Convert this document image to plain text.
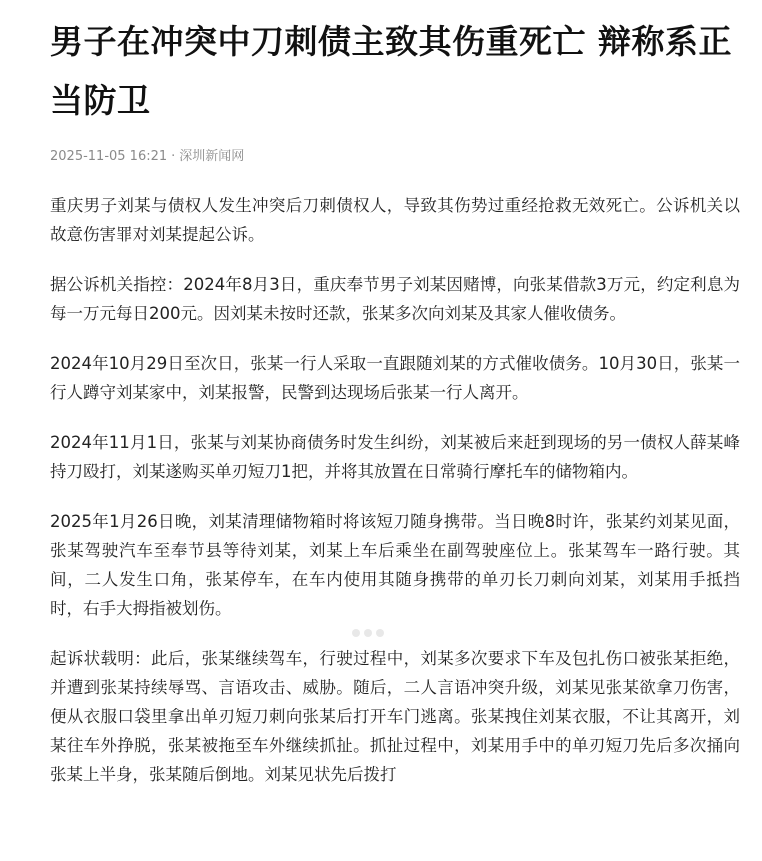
男子在冲突中刀刺债主致其伤重死亡 辩称系正当防卫
2025-11-05 16:21 · 深圳新闻网

重庆男子刘某与债权人发生冲突后刀刺债权人，导致其伤势过重经抢救无效死亡。公诉机关以故意伤害罪对刘某提起公诉。

据公诉机关指控：2024年8月3日，重庆奉节男子刘某因赌博，向张某借款3万元，约定利息为每一万元每日200元。因刘某未按时还款，张某多次向刘某及其家人催收债务。

2024年10月29日至次日，张某一行人采取一直跟随刘某的方式催收债务。10月30日，张某一行人蹲守刘某家中，刘某报警，民警到达现场后张某一行人离开。

2024年11月1日，张某与刘某协商债务时发生纠纷，刘某被后来赶到现场的另一债权人薛某峰持刀殴打，刘某遂购买单刃短刀1把，并将其放置在日常骑行摩托车的储物箱内。

2025年1月26日晚，刘某清理储物箱时将该短刀随身携带。当日晚8时许，张某约刘某见面，张某驾驶汽车至奉节县等待刘某，刘某上车后乘坐在副驾驶座位上。张某驾车一路行驶。其间，二人发生口角，张某停车，在车内使用其随身携带的单刃长刀刺向刘某，刘某用手抵挡时，右手大拇指被划伤。

起诉状载明：此后，张某继续驾车，行驶过程中，刘某多次要求下车及包扎伤口被张某拒绝，并遭到张某持续辱骂、言语攻击、威胁。随后，二人言语冲突升级，刘某见张某欲拿刀伤害，便从衣服口袋里拿出单刃短刀刺向张某后打开车门逃离。张某拽住刘某衣服，不让其离开，刘某往车外挣脱，张某被拖至车外继续抓扯。抓扯过程中，刘某用手中的单刃短刀先后多次捅向张某上半身，张某随后倒地。刘某见状先后拨打
